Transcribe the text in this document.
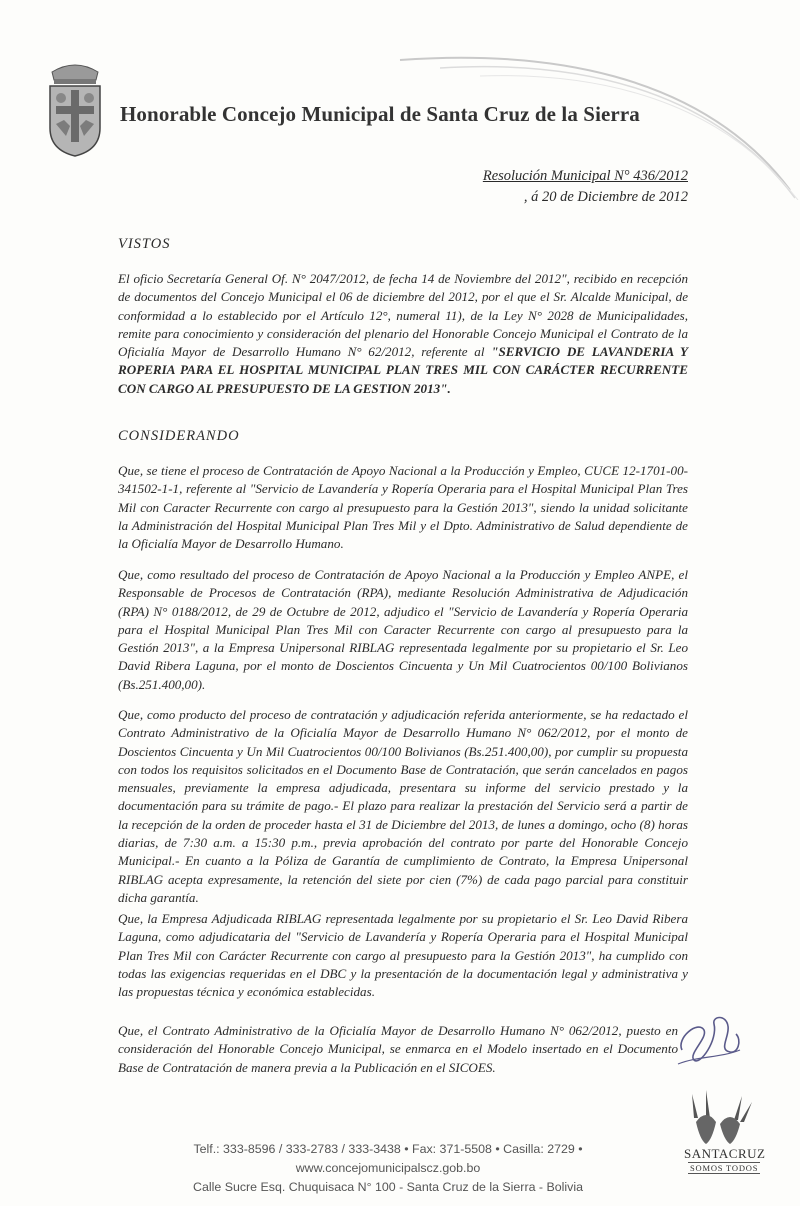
Honorable Concejo Municipal de Santa Cruz de la Sierra
Resolución Municipal N° 436/2012
, á 20 de Diciembre de 2012
VISTOS
El oficio Secretaría General Of. N° 2047/2012, de fecha 14 de Noviembre del 2012", recibido en recepción de documentos del Concejo Municipal el 06 de diciembre del 2012, por el que el Sr. Alcalde Municipal, de conformidad a lo establecido por el Artículo 12°, numeral 11), de la Ley N° 2028 de Municipalidades, remite para conocimiento y consideración del plenario del Honorable Concejo Municipal el Contrato de la Oficialía Mayor de Desarrollo Humano N° 62/2012, referente al "SERVICIO DE LAVANDERIA Y ROPERIA PARA EL HOSPITAL MUNICIPAL PLAN TRES MIL CON CARÁCTER RECURRENTE CON CARGO AL PRESUPUESTO DE LA GESTION 2013".
CONSIDERANDO
Que, se tiene el proceso de Contratación de Apoyo Nacional a la Producción y Empleo, CUCE 12-1701-00-341502-1-1, referente al "Servicio de Lavandería y Ropería Operaria para el Hospital Municipal Plan Tres Mil con Caracter Recurrente con cargo al presupuesto para la Gestión 2013", siendo la unidad solicitante la Administración del Hospital Municipal Plan Tres Mil y el Dpto. Administrativo de Salud dependiente de la Oficialía Mayor de Desarrollo Humano.
Que, como resultado del proceso de Contratación de Apoyo Nacional a la Producción y Empleo ANPE, el Responsable de Procesos de Contratación (RPA), mediante Resolución Administrativa de Adjudicación (RPA) N° 0188/2012, de 29 de Octubre de 2012, adjudico el "Servicio de Lavandería y Ropería Operaria para el Hospital Municipal Plan Tres Mil con Caracter Recurrente con cargo al presupuesto para la Gestión 2013", a la Empresa Unipersonal RIBLAG representada legalmente por su propietario el Sr. Leo David Ribera Laguna, por el monto de Doscientos Cincuenta y Un Mil Cuatrocientos 00/100 Bolivianos (Bs.251.400,00).
Que, como producto del proceso de contratación y adjudicación referida anteriormente, se ha redactado el Contrato Administrativo de la Oficialía Mayor de Desarrollo Humano N° 062/2012, por el monto de Doscientos Cincuenta y Un Mil Cuatrocientos 00/100 Bolivianos (Bs.251.400,00), por cumplir su propuesta con todos los requisitos solicitados en el Documento Base de Contratación, que serán cancelados en pagos mensuales, previamente la empresa adjudicada, presentara su informe del servicio prestado y la documentación para su trámite de pago.- El plazo para realizar la prestación del Servicio será a partir de la recepción de la orden de proceder hasta el 31 de Diciembre del 2013, de lunes a domingo, ocho (8) horas diarias, de 7:30 a.m. a 15:30 p.m., previa aprobación del contrato por parte del Honorable Concejo Municipal.- En cuanto a la Póliza de Garantía de cumplimiento de Contrato, la Empresa Unipersonal RIBLAG acepta expresamente, la retención del siete por cien (7%) de cada pago parcial para constituir dicha garantía.
Que, la Empresa Adjudicada RIBLAG representada legalmente por su propietario el Sr. Leo David Ribera Laguna, como adjudicataria del "Servicio de Lavandería y Ropería Operaria para el Hospital Municipal Plan Tres Mil con Carácter Recurrente con cargo al presupuesto para la Gestión 2013", ha cumplido con todas las exigencias requeridas en el DBC y la presentación de la documentación legal y administrativa y las propuestas técnica y económica establecidas.
Que, el Contrato Administrativo de la Oficialía Mayor de Desarrollo Humano N° 062/2012, puesto en consideración del Honorable Concejo Municipal, se enmarca en el Modelo insertado en el Documento Base de Contratación de manera previa a la Publicación en el SICOES.
SANTACRUZ
SOMOS TODOS
Telf.: 333-8596 / 333-2783 / 333-3438 • Fax: 371-5508 • Casilla: 2729 • www.concejomunicipalscz.gob.bo
Calle Sucre Esq. Chuquisaca N° 100 - Santa Cruz de la Sierra - Bolivia
